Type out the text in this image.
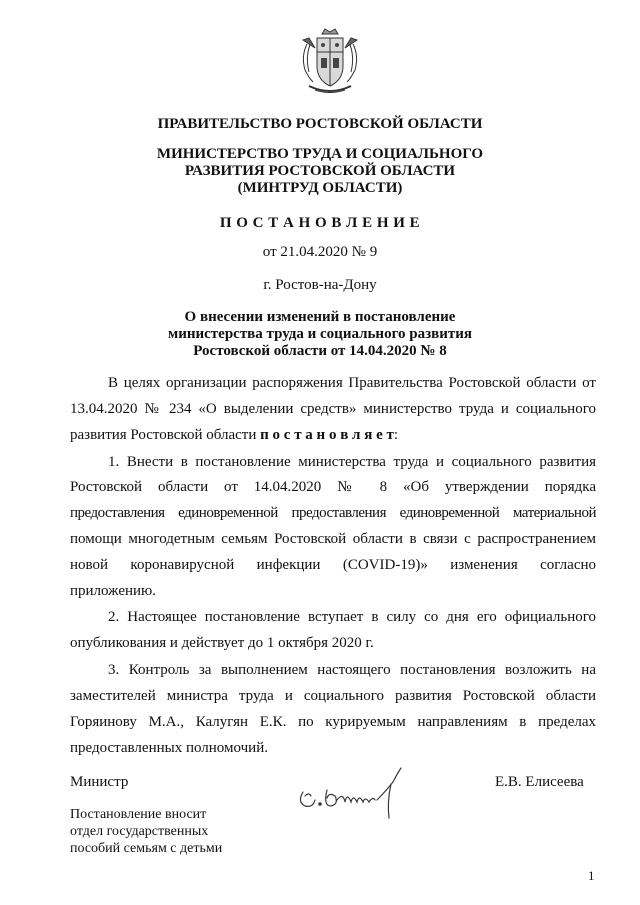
ПРАВИТЕЛЬСТВО РОСТОВСКОЙ ОБЛАСТИ
МИНИСТЕРСТВО ТРУДА И СОЦИАЛЬНОГО
РАЗВИТИЯ РОСТОВСКОЙ ОБЛАСТИ
(МИНТРУД ОБЛАСТИ)
П О С Т А Н О В Л Е Н И Е
от 21.04.2020 № 9
г. Ростов-на-Дону
О внесении изменений в постановление
министерства труда и социального развития
Ростовской области от 14.04.2020 № 8
В целях организации распоряжения Правительства Ростовской области от
13.04.2020 № 234 «О выделении средств» министерство труда и социального
развития Ростовской области п о с т а н о в л я е т:
1. Внести в постановление министерства труда и социального развития
Ростовской области от 14.04.2020 № 8 «Об утверждении порядка
предоставления единовременной предоставления единовременной материальной
помощи многодетным семьям Ростовской области в связи с распространением
новой коронавирусной инфекции (COVID-19)» изменения согласно
приложению.
2. Настоящее постановление вступает в силу со дня его официального
опубликования и действует до 1 октября 2020 г.
3. Контроль за выполнением настоящего постановления возложить на
заместителей министра труда и социального развития Ростовской области
Горяинову М.А., Калугян Е.К. по курируемым направлениям в пределах
предоставленных полномочий.
Министр	Е.В. Елисеева
Постановление вносит
отдел государственных
пособий семьям с детьми
1
